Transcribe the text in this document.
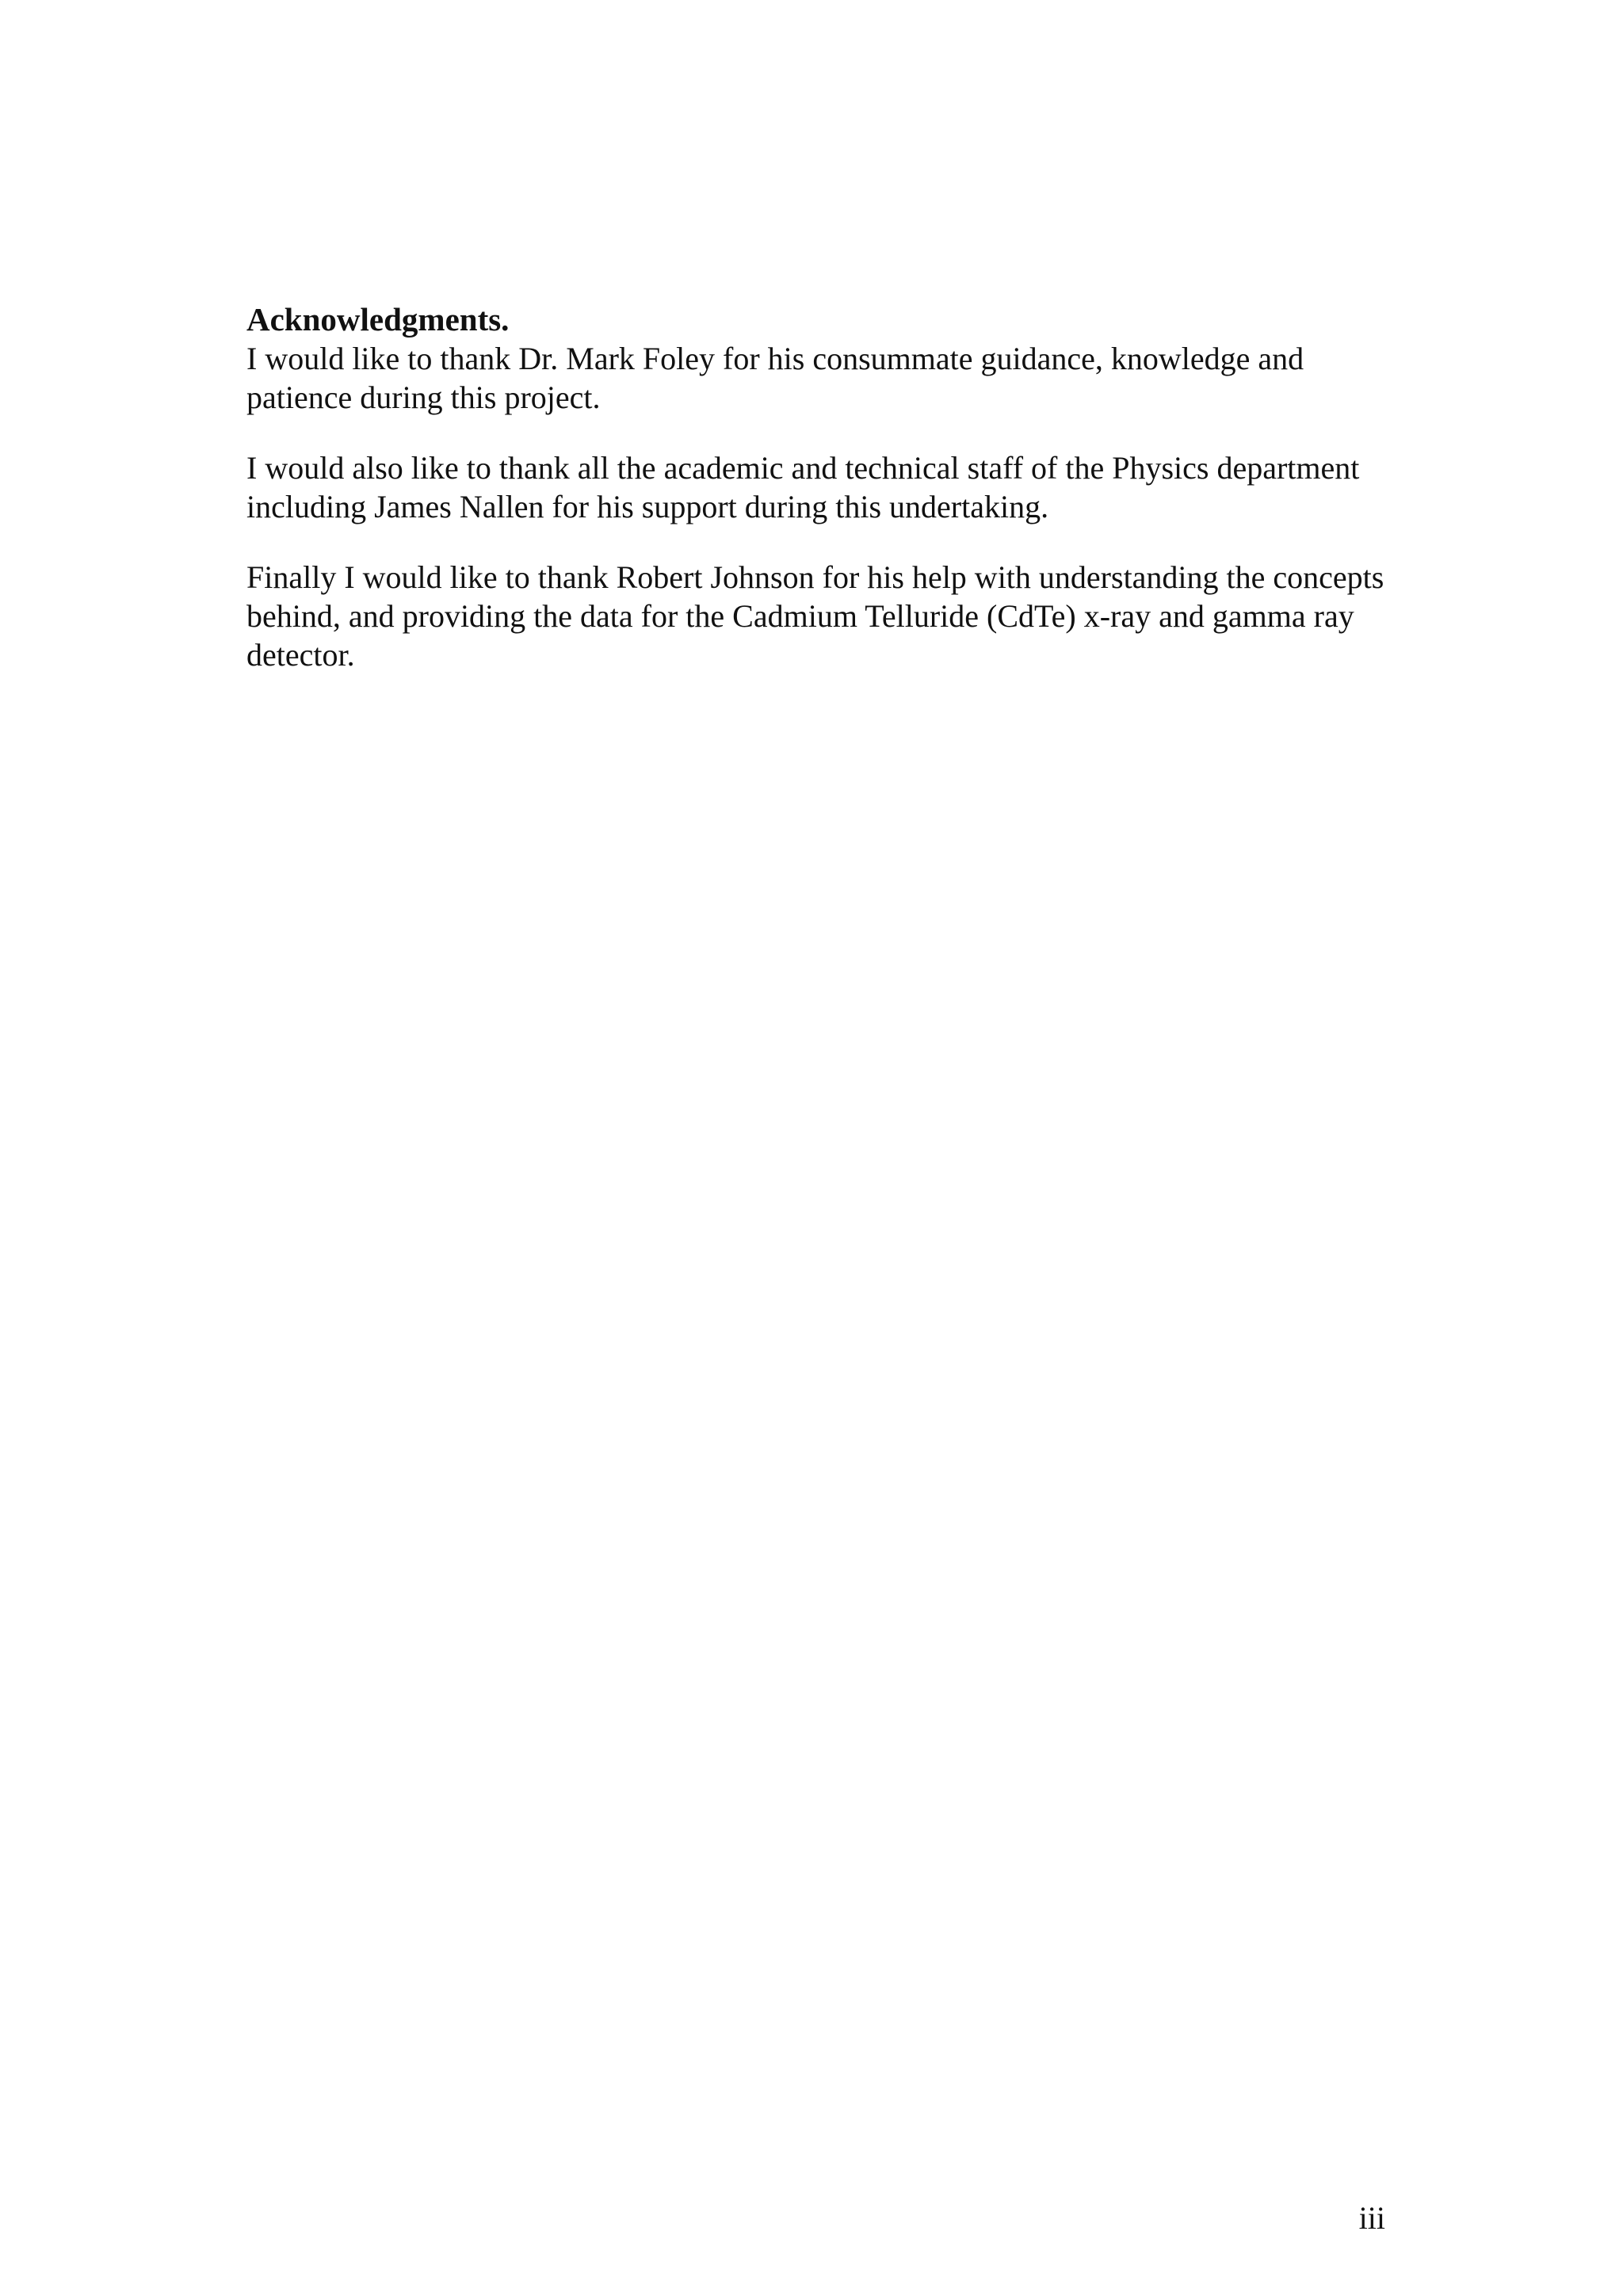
Acknowledgments.

I would like to thank Dr. Mark Foley for his consummate guidance, knowledge and patience during this project.

I would also like to thank all the academic and technical staff of the Physics department including James Nallen for his support during this undertaking.

Finally I would like to thank Robert Johnson for his help with understanding the concepts behind, and providing the data for the Cadmium Telluride (CdTe) x-ray and gamma ray detector.

iii
